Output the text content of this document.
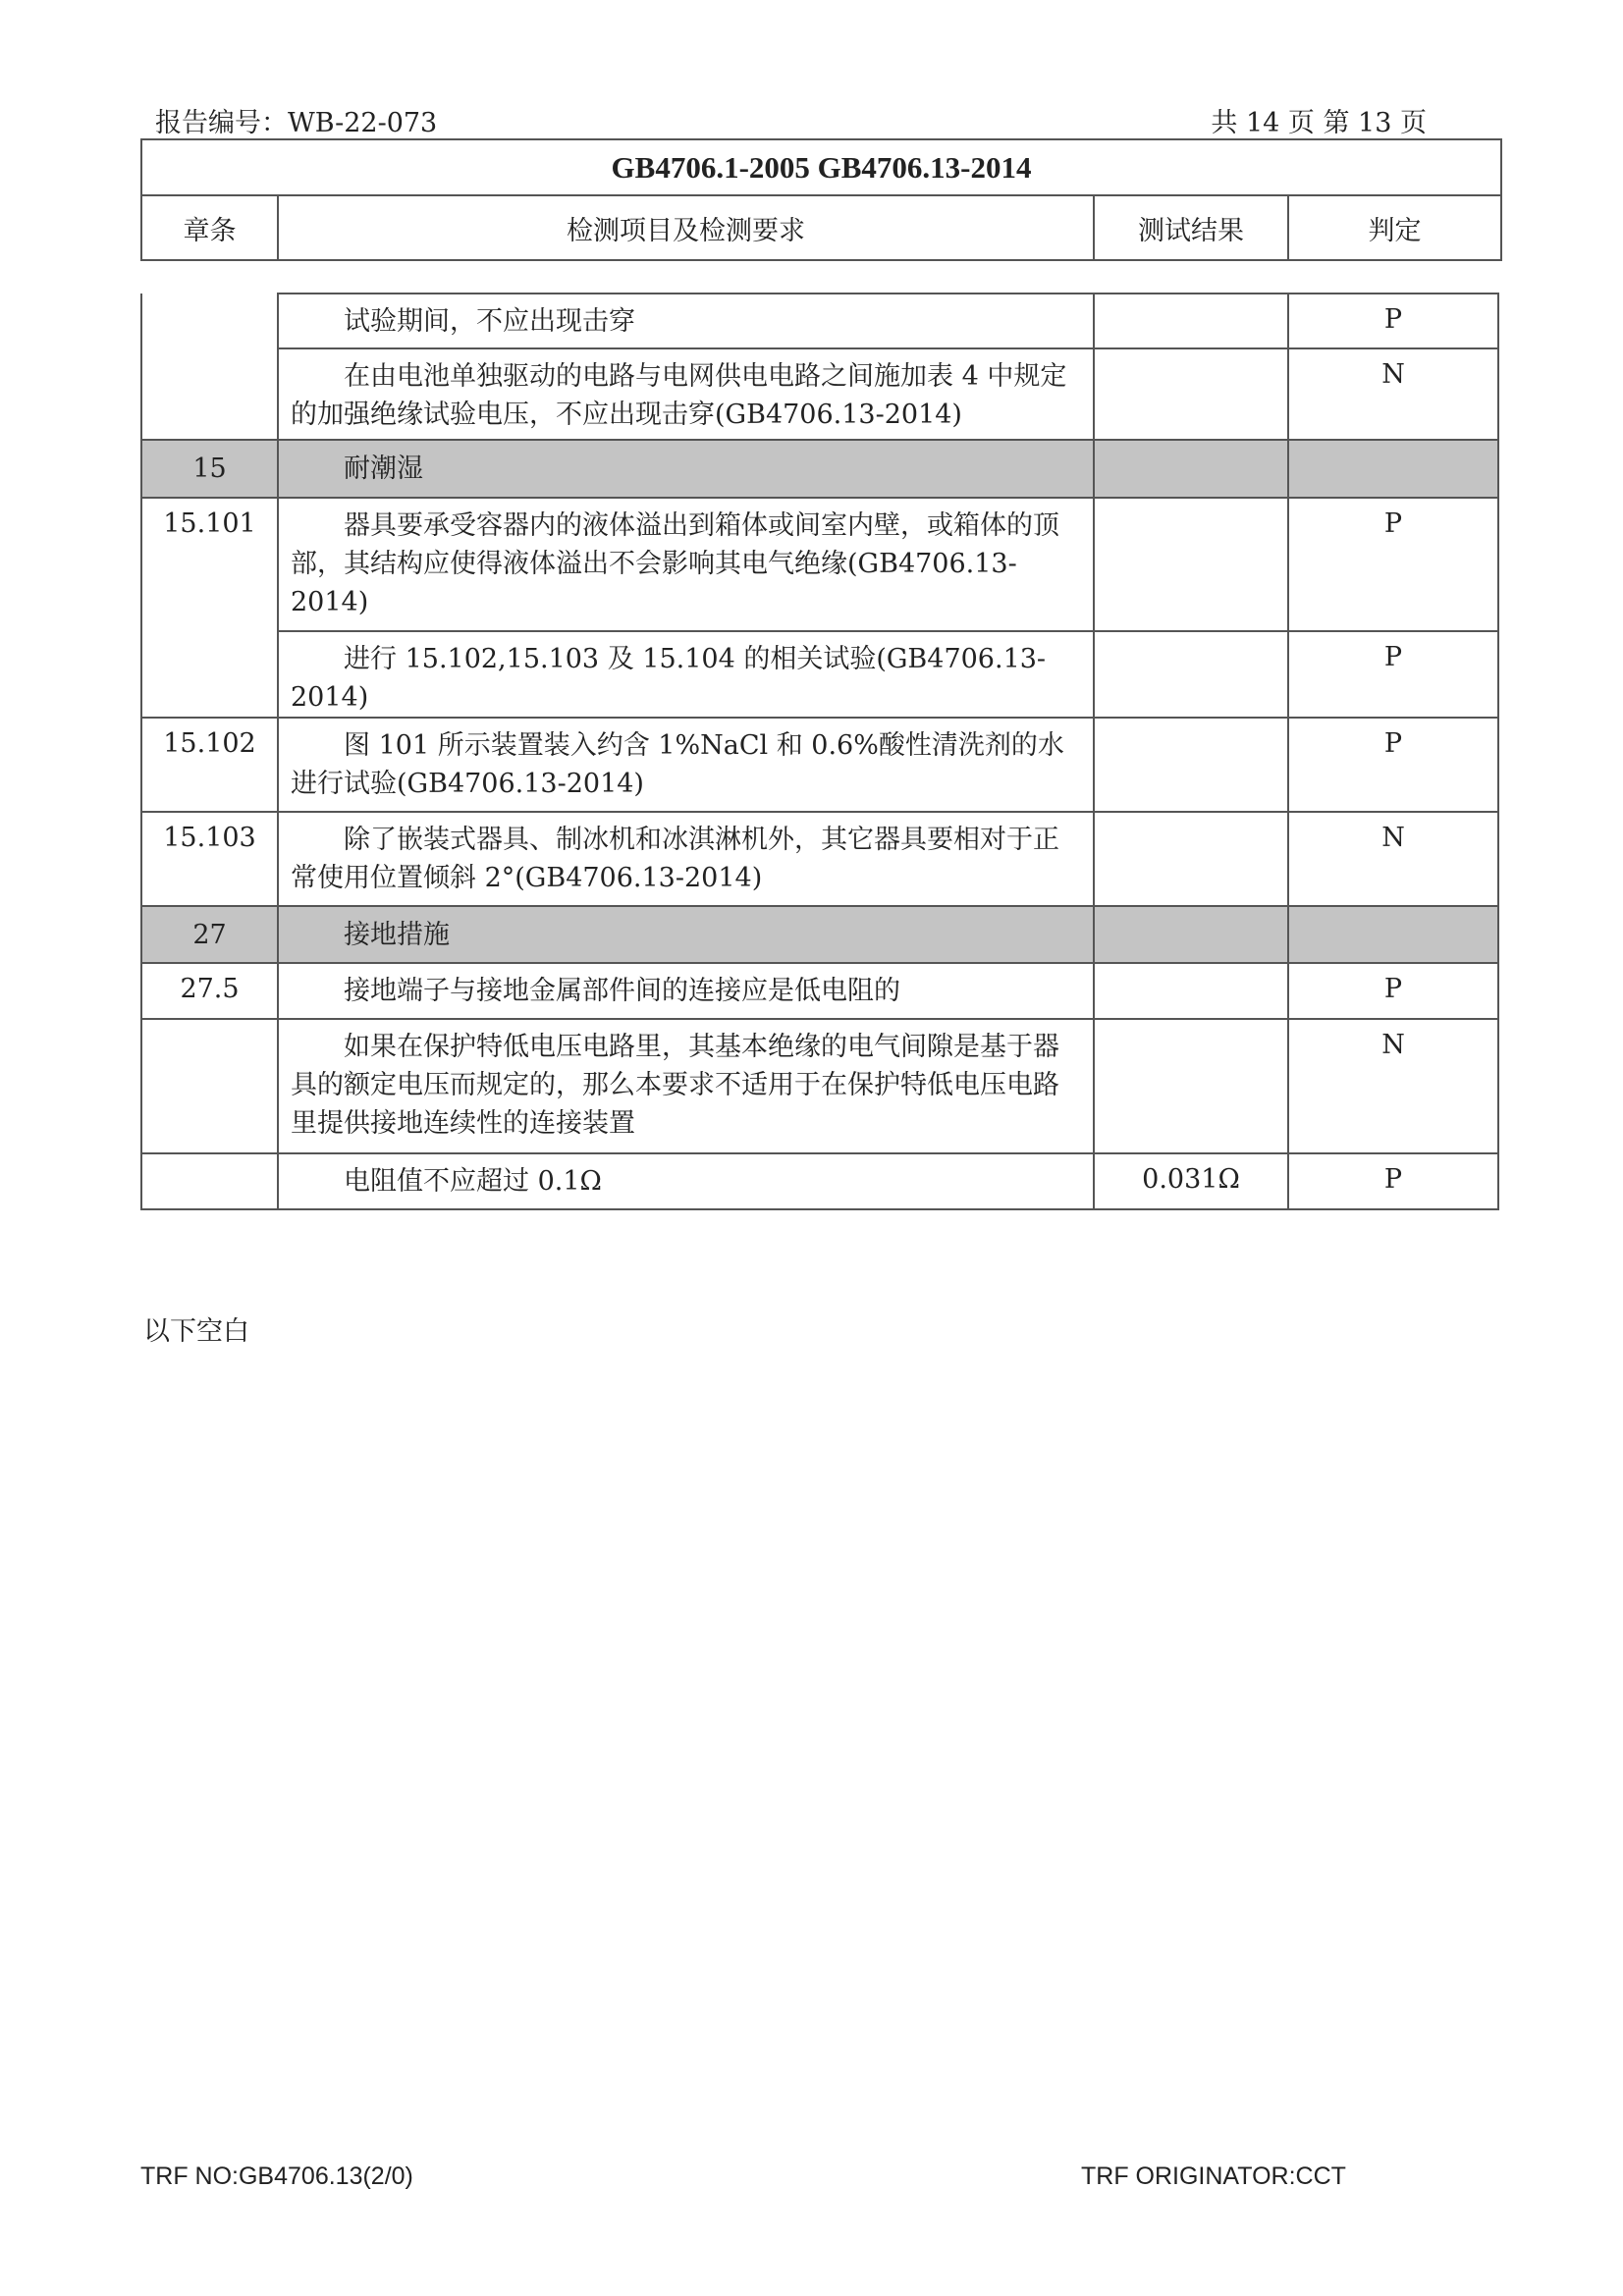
报告编号：WB-22-073	共 14 页 第 13 页
GB4706.1-2005 GB4706.13-2014
章条	检测项目及检测要求	测试结果	判定
	试验期间，不应出现击穿		P
	在由电池单独驱动的电路与电网供电电路之间施加表 4 中规定的加强绝缘试验电压，不应出现击穿(GB4706.13-2014)		N
15	耐潮湿		
15.101	器具要承受容器内的液体溢出到箱体或间室内壁，或箱体的顶部，其结构应使得液体溢出不会影响其电气绝缘(GB4706.13-2014)		P
	进行 15.102,15.103 及 15.104 的相关试验(GB4706.13-2014)		P
15.102	图 101 所示装置装入约含 1%NaCl 和 0.6%酸性清洗剂的水进行试验(GB4706.13-2014)		P
15.103	除了嵌装式器具、制冰机和冰淇淋机外，其它器具要相对于正常使用位置倾斜 2°(GB4706.13-2014)		N
27	接地措施		
27.5	接地端子与接地金属部件间的连接应是低电阻的		P
	如果在保护特低电压电路里，其基本绝缘的电气间隙是基于器具的额定电压而规定的，那么本要求不适用于在保护特低电压电路里提供接地连续性的连接装置		N
	电阻值不应超过 0.1Ω	0.031Ω	P
以下空白
TRF NO:GB4706.13(2/0)	TRF ORIGINATOR:CCT
